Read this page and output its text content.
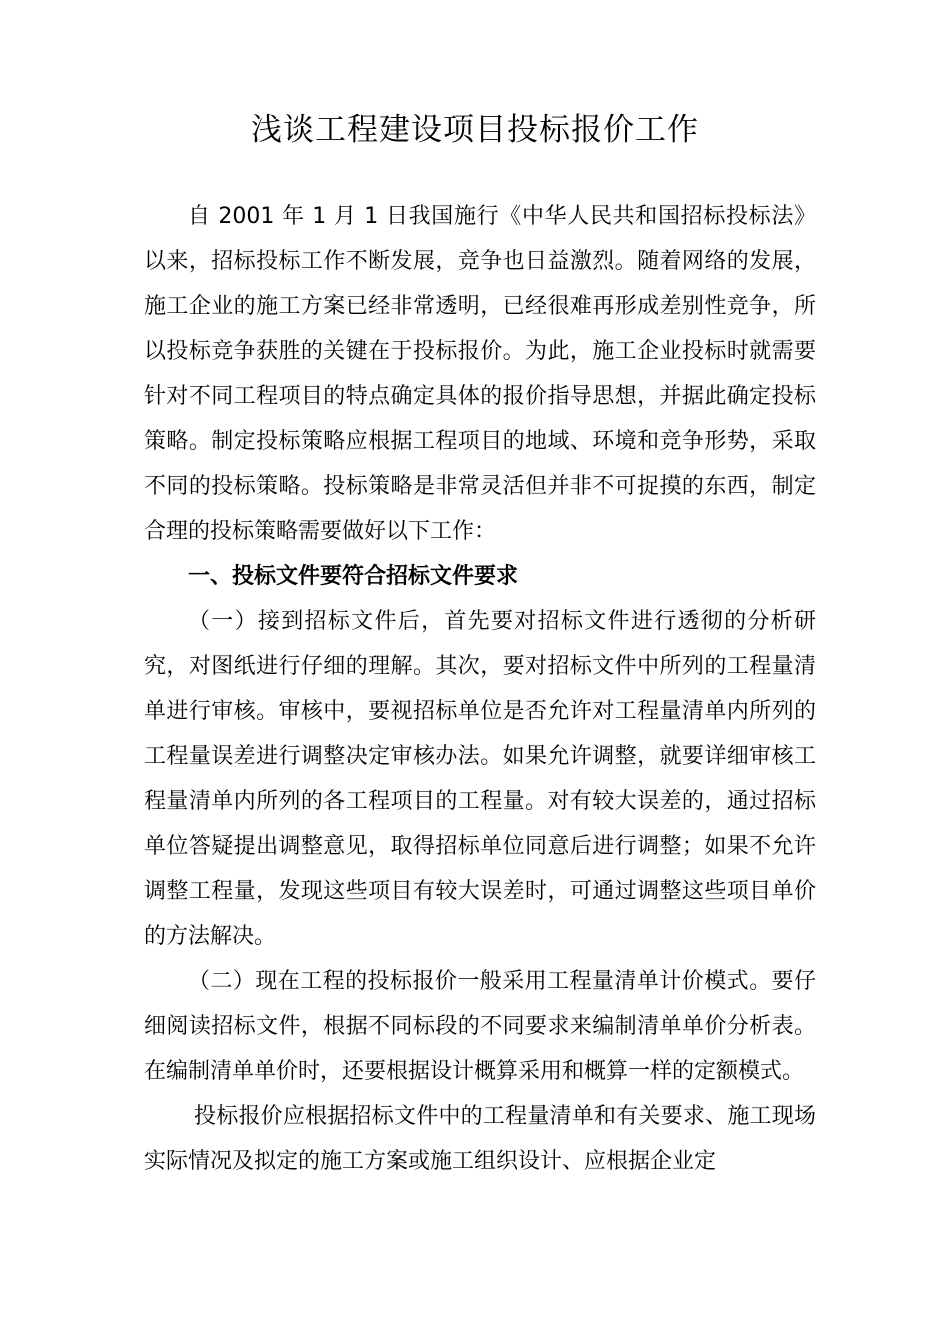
浅谈工程建设项目投标报价工作

自 2001 年 1 月 1 日我国施行《中华人民共和国招标投标法》以来，招标投标工作不断发展，竞争也日益激烈。随着网络的发展，施工企业的施工方案已经非常透明，已经很难再形成差别性竞争，所以投标竞争获胜的关键在于投标报价。为此，施工企业投标时就需要针对不同工程项目的特点确定具体的报价指导思想，并据此确定投标策略。制定投标策略应根据工程项目的地域、环境和竞争形势，采取不同的投标策略。投标策略是非常灵活但并非不可捉摸的东西，制定合理的投标策略需要做好以下工作：

一、投标文件要符合招标文件要求

（一）接到招标文件后，首先要对招标文件进行透彻的分析研究，对图纸进行仔细的理解。其次，要对招标文件中所列的工程量清单进行审核。审核中，要视招标单位是否允许对工程量清单内所列的工程量误差进行调整决定审核办法。如果允许调整，就要详细审核工程量清单内所列的各工程项目的工程量。对有较大误差的，通过招标单位答疑提出调整意见，取得招标单位同意后进行调整；如果不允许调整工程量，发现这些项目有较大误差时，可通过调整这些项目单价的方法解决。

（二）现在工程的投标报价一般采用工程量清单计价模式。要仔细阅读招标文件，根据不同标段的不同要求来编制清单单价分析表。在编制清单单价时，还要根据设计概算采用和概算一样的定额模式。

投标报价应根据招标文件中的工程量清单和有关要求、施工现场实际情况及拟定的施工方案或施工组织设计、应根据企业定
